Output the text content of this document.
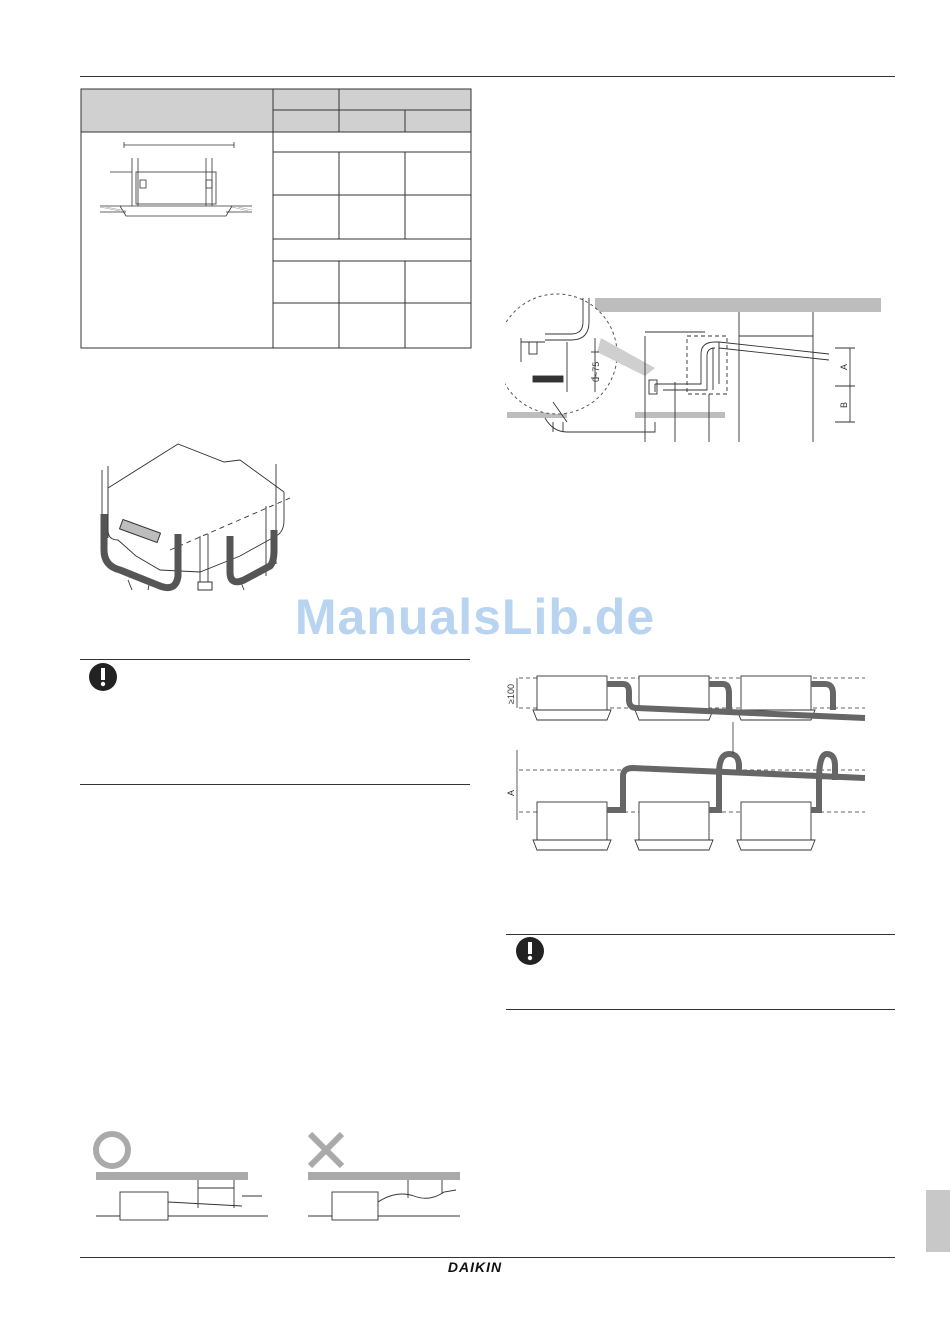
0~75	A
B
ManualsLib.de
≥100
A
DAIKIN
